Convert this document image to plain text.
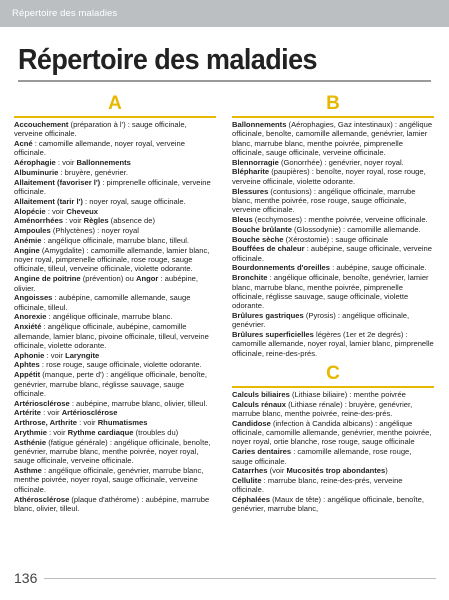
Répertoire des maladies
Répertoire des maladies
A

Accouchement (préparation à l') : sauge officinale, verveine officinale.

Acné : camomille allemande, noyer royal, verveine officinale.

Aérophagie : voir Ballonnements

Albuminurie : bruyère, genévrier.

Allaitement (favoriser l') : pimprenelle officinale, verveine officinale.

Allaitement (tarir l') : noyer royal, sauge officinale.

Alopécie : voir Cheveux

Aménorrhées : voir Règles (absence de)

Ampoules (Phlyctènes) : noyer royal

Anémie : angélique officinale, marrube blanc, tilleul.

Angine (Amygdalite) : camomille allemande, lamier blanc, noyer royal, pimprenelle officinale, rose rouge, sauge officinale, tilleul, verveine officinale, violette odorante.

Angine de poitrine (prévention) ou Angor : aubépine, olivier.

Angoisses : aubépine, camomille allemande, sauge officinale, tilleul.

Anorexie : angélique officinale, marrube blanc.

Anxiété : angélique officinale, aubépine, camomille allemande, lamier blanc, pivoine officinale, tilleul, verveine officinale, violette odorante.

Aphonie : voir Laryngite

Aphtes : rose rouge, sauge officinale, violette odorante.

Appétit (manque, perte d') : angélique officinale, benoîte, genévrier, marrube blanc, réglisse sauvage, sauge officinale.

Artériosclérose : aubépine, marrube blanc, olivier, tilleul.

Artérite : voir Artériosclérose

Arthrose, Arthrite : voir Rhumatismes

Arythmie : voir Rythme cardiaque (troubles du)

Asthénie (fatigue générale) : angélique officinale, benoîte, genévrier, marrube blanc, menthe poivrée, noyer royal, sauge officinale, verveine officinale.

Asthme : angélique officinale, genévrier, marrube blanc, menthe poivrée, noyer royal, sauge officinale, verveine officinale.

Athérosclérose (plaque d'athérome) : aubépine, marrube blanc, olivier, tilleul.

B

Ballonnements (Aérophagies, Gaz intestinaux) : angélique officinale, benoîte, camomille allemande, genévrier, lamier blanc, marrube blanc, menthe poivrée, pimprenelle officinale, sauge officinale, verveine officinale.

Blennorragie (Gonorrhée) : genévrier, noyer royal.

Blépharite (paupières) : benoîte, noyer royal, rose rouge, verveine officinale, violette odorante.

Blessures (contusions) : angélique officinale, marrube blanc, menthe poivrée, rose rouge, sauge officinale, verveine officinale.

Bleus (ecchymoses) : menthe poivrée, verveine officinale.

Bouche brûlante (Glossodynie) : camomille allemande.

Bouche sèche (Xérostomie) : sauge officinale

Bouffées de chaleur : aubépine, sauge officinale, verveine officinale.

Bourdonnements d'oreilles : aubépine, sauge officinale.

Bronchite : angélique officinale, benoîte, genévrier, lamier blanc, marrube blanc, menthe poivrée, pimprenelle officinale, réglisse sauvage, sauge officinale, violette odorante.

Brûlures gastriques (Pyrosis) : angélique officinale, genévrier.

Brûlures superficielles légères (1er et 2e degrés) : camomille allemande, noyer royal, lamier blanc, pimprenelle officinale, reine-des-prés.

C

Calculs biliaires (Lithiase biliaire) : menthe poivrée

Calculs rénaux (Lithiase rénale) : bruyère, genévrier, marrube blanc, menthe poivrée, reine-des-prés.

Candidose (infection à Candida albicans) : angélique officinale, camomille allemande, genévrier, menthe poivrée, noyer royal, ortie blanche, rose rouge, sauge officinale

Caries dentaires : camomille allemande, rose rouge, sauge officinale.

Catarrhes (voir Mucosités trop abondantes)

Cellulite : marrube blanc, reine-des-prés, verveine officinale.

Céphalées (Maux de tête) : angélique officinale, benoîte, genévrier, marrube blanc,

136
